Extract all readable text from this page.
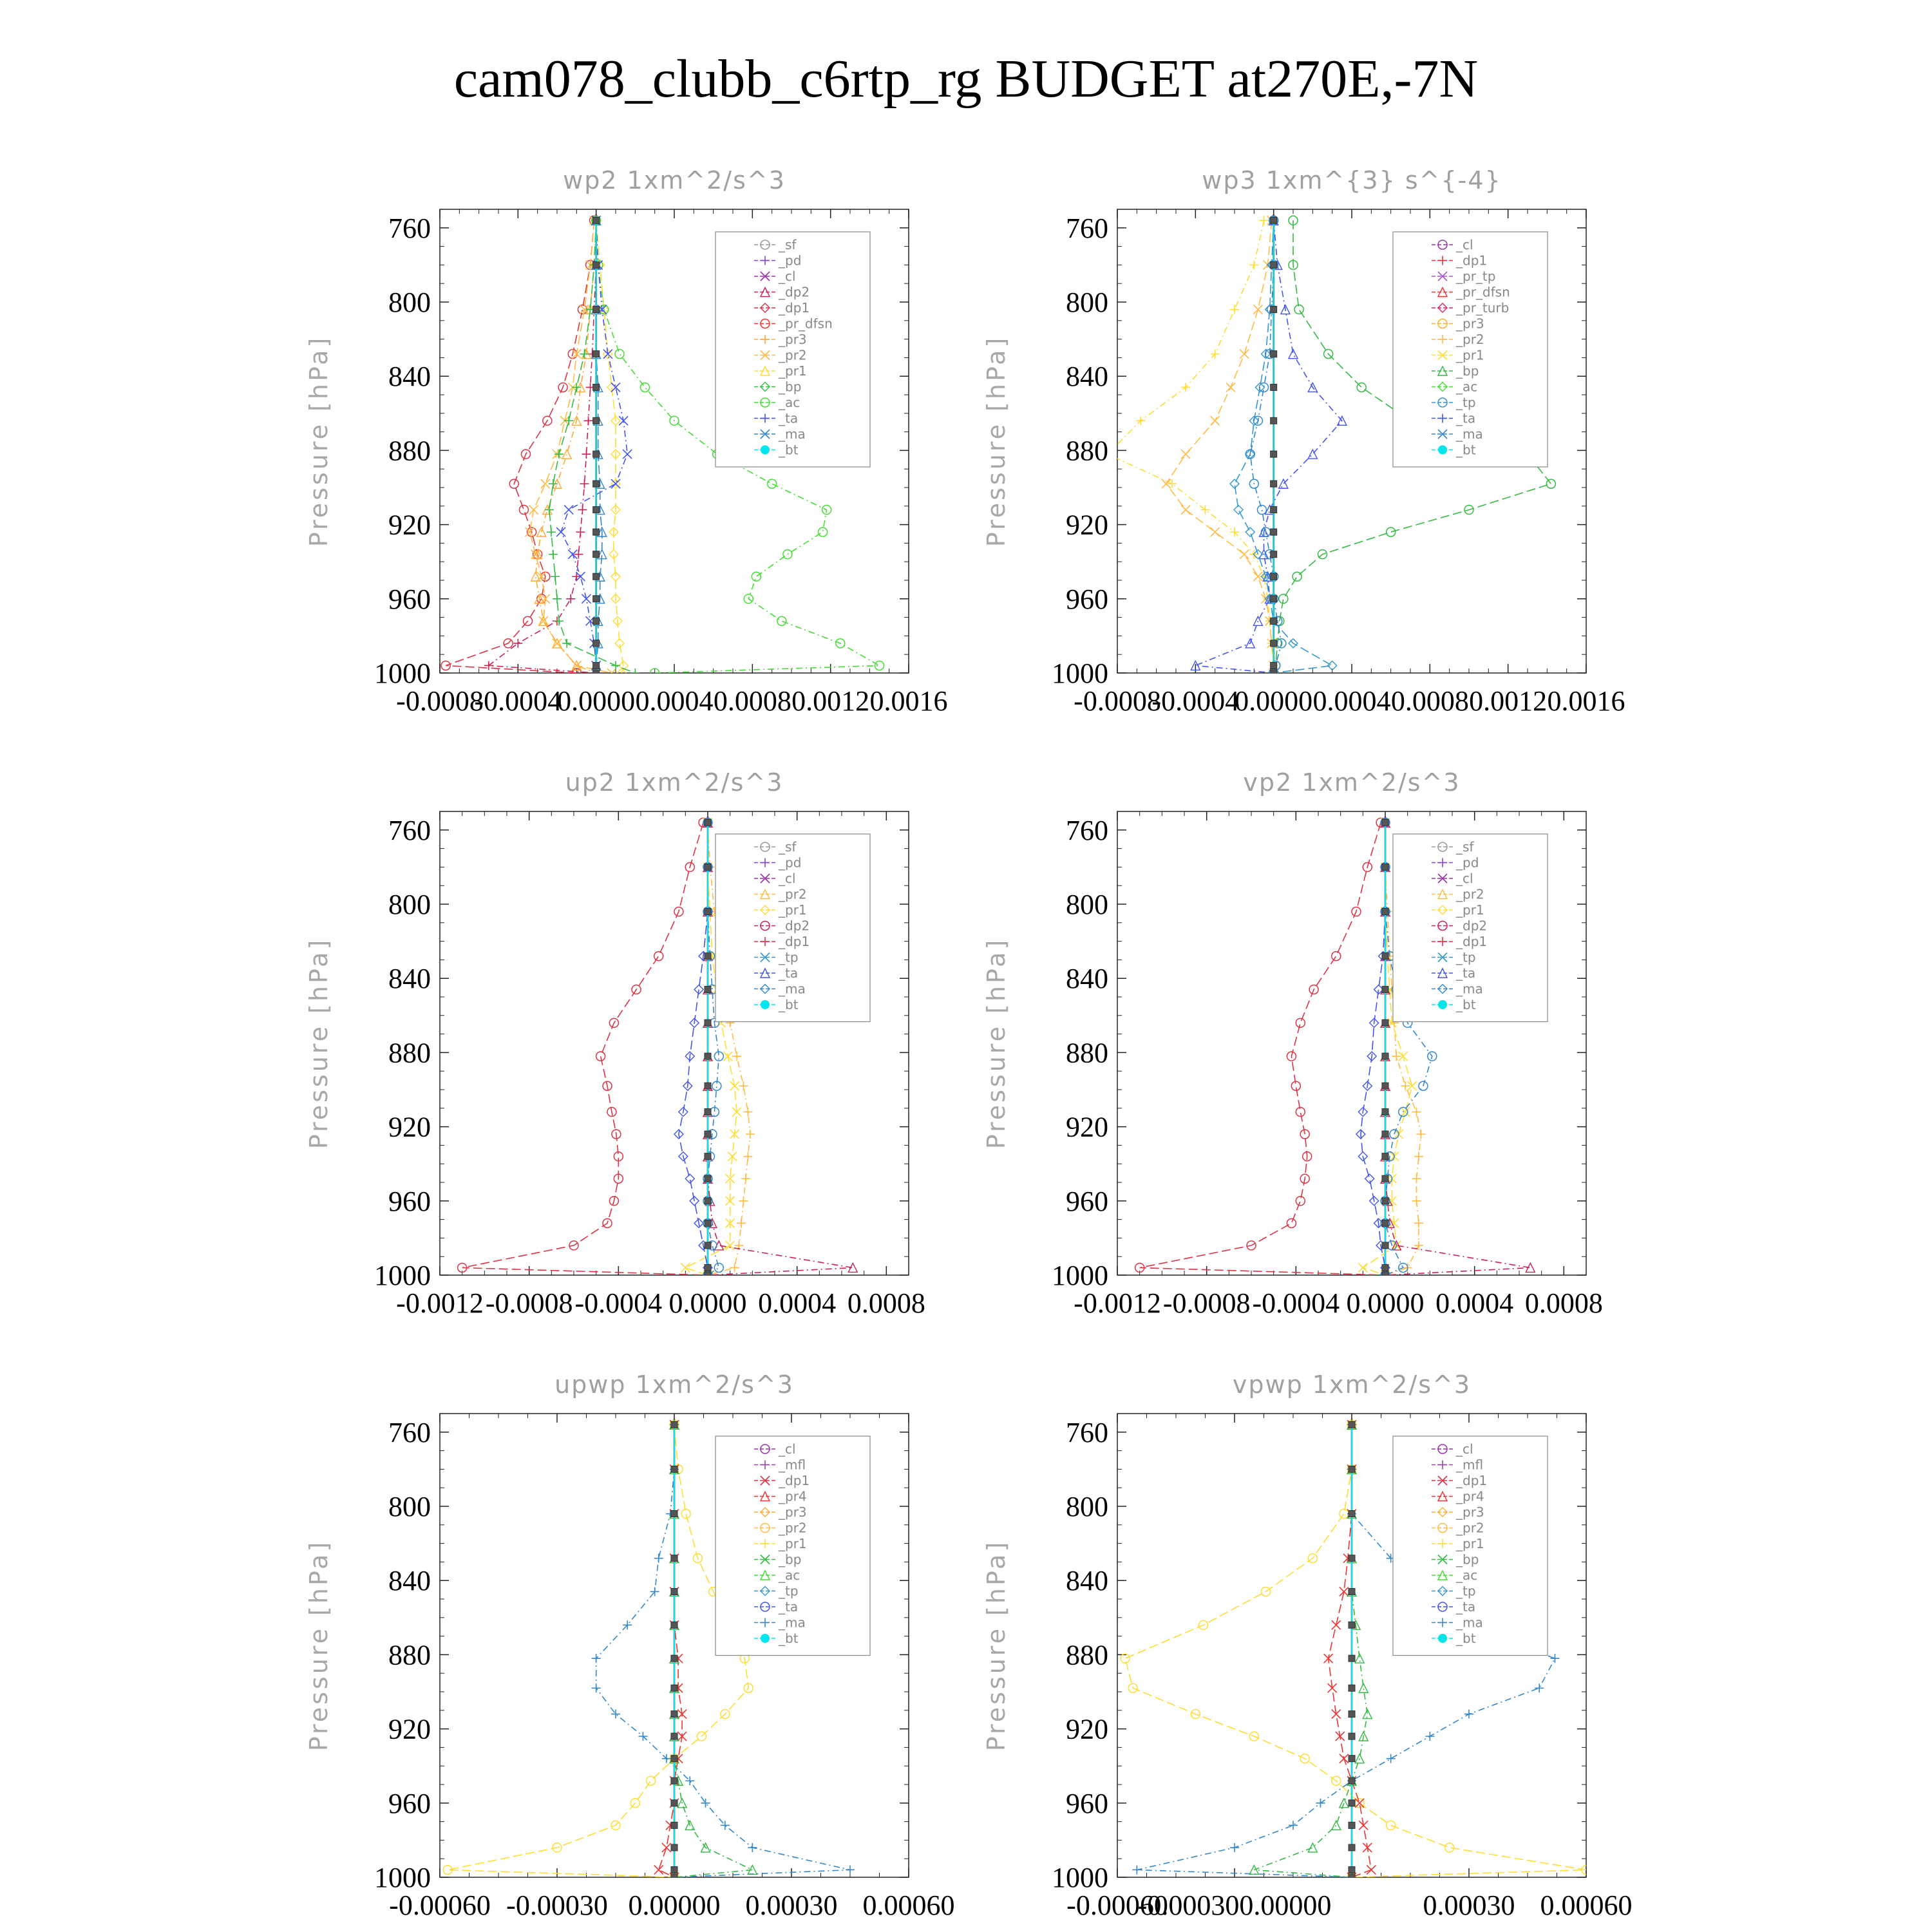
cam078_clubb_c6rtp_rg BUDGET at270E,-7N
wp2 1xm^2/s^3
Pressure [hPa]
760
800
840
880
920
960
1000
-0.0008
-0.0004
0.0000 0.0004 0.0008 0.0012 0.0016
_sf
_pd
_cl
_dp2
_dp1
_pr_dfsn
_pr3
_pr2
_pr1
_bp
_ac
_ta
_ma
_bt
wp3 1xm^{3} s^{-4}
Pressure [hPa]
760
800
840
880
920
960
1000
-0.0008
-0.0004
0.0000 0.0004 0.0008 0.0012 0.0016
_cl
_dp1
_pr_tp
_pr_dfsn
_pr_turb
_pr3
_pr2
_pr1
_bp
_ac
_tp
_ta
_ma
_bt
up2 1xm^2/s^3
Pressure [hPa]
760
800
840
880
920
960
1000
-0.0012 -0.0008 -0.0004 0.0000 0.0004 0.0008
_sf
_pd
_cl
_pr2
_pr1
_dp2
_dp1
_tp
_ta
_ma
_bt
vp2 1xm^2/s^3
Pressure [hPa]
760
800
840
880
920
960
1000
-0.0012 -0.0008 -0.0004 0.0000 0.0004 0.0008
_sf
_pd
_cl
_pr2
_pr1
_dp2
_dp1
_tp
_ta
_ma
_bt
upwp 1xm^2/s^3
Pressure [hPa]
760
800
840
880
920
960
1000
-0.00060 -0.00030 0.00000 0.00030 0.00060
_cl
_mfl
_dp1
_pr4
_pr3
_pr2
_pr1
_bp
_ac
_tp
_ta
_ma
_bt
vpwp 1xm^2/s^3
Pressure [hPa]
760
800
840
880
920
960
1000
-0.00060
-0.000300.00000	0.00030 0.00060
_cl
_mfl
_dp1
_pr4
_pr3
_pr2
_pr1
_bp
_ac
_tp
_ta
_ma
_bt
